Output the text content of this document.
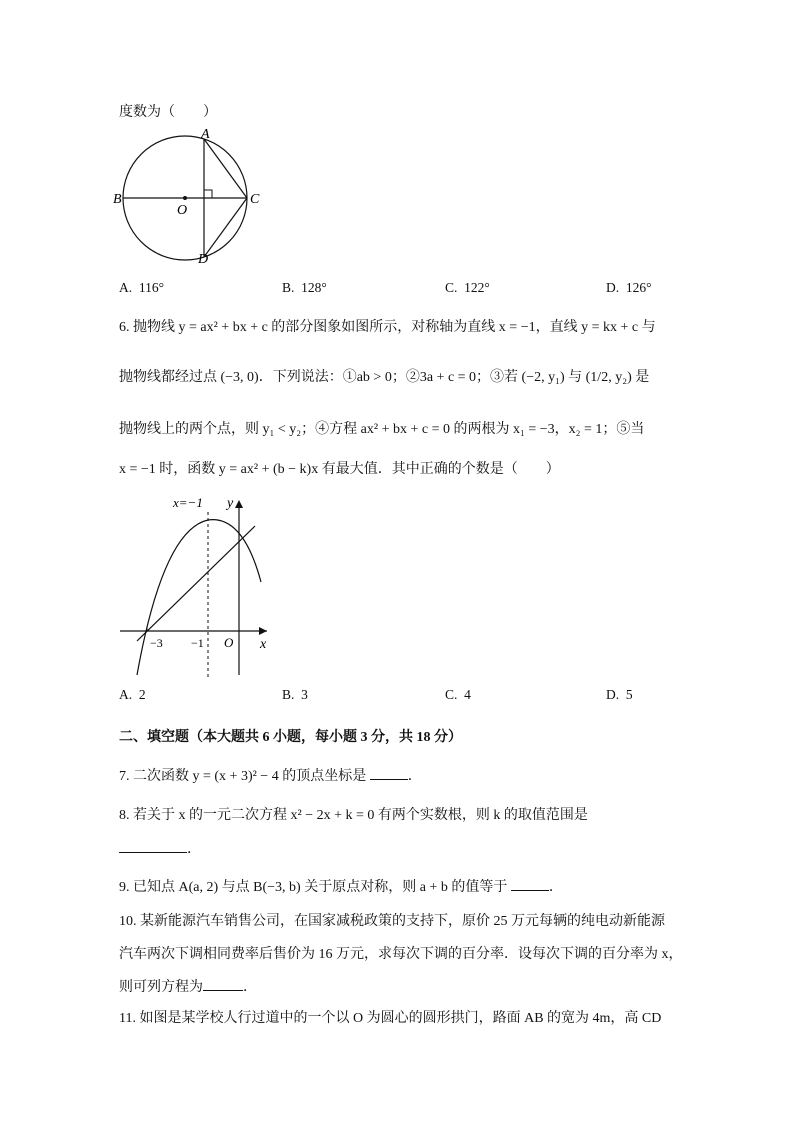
度数为（　　）
A
B
O
C
D
A. 116°	B. 128°	C. 122°	D. 126°
6. 抛物线 y = ax² + bx + c 的部分图象如图所示，对称轴为直线 x = −1，直线 y = kx + c 与
抛物线都经过点 (−3, 0)．下列说法：①ab > 0；②3a + c = 0；③若 (−2, y₁) 与 (1/2, y₂) 是
抛物线上的两个点，则 y₁ < y₂；④方程 ax² + bx + c = 0 的两根为 x₁ = −3，x₂ = 1；⑤当
x = −1 时，函数 y = ax² + (b − k)x 有最大值．其中正确的个数是（　　）
x=−1 y
x
O
−3 −1
A. 2	B. 3	C. 4	D. 5
二、填空题（本大题共 6 小题，每小题 3 分，共 18 分）
7. 二次函数 y = (x + 3)² − 4 的顶点坐标是	．
8. 若关于 x 的一元二次方程 x² − 2x + k = 0 有两个实数根，则 k 的取值范围是
．
9. 已知点 A(a, 2) 与点 B(−3, b) 关于原点对称，则 a + b 的值等于	．
10. 某新能源汽车销售公司，在国家减税政策的支持下，原价 25 万元每辆的纯电动新能源
汽车两次下调相同费率后售价为 16 万元，求每次下调的百分率．设每次下调的百分率为 x，
则可列方程为	．
11. 如图是某学校人行过道中的一个以 O 为圆心的圆形拱门，路面 AB 的宽为 4m，高 CD
